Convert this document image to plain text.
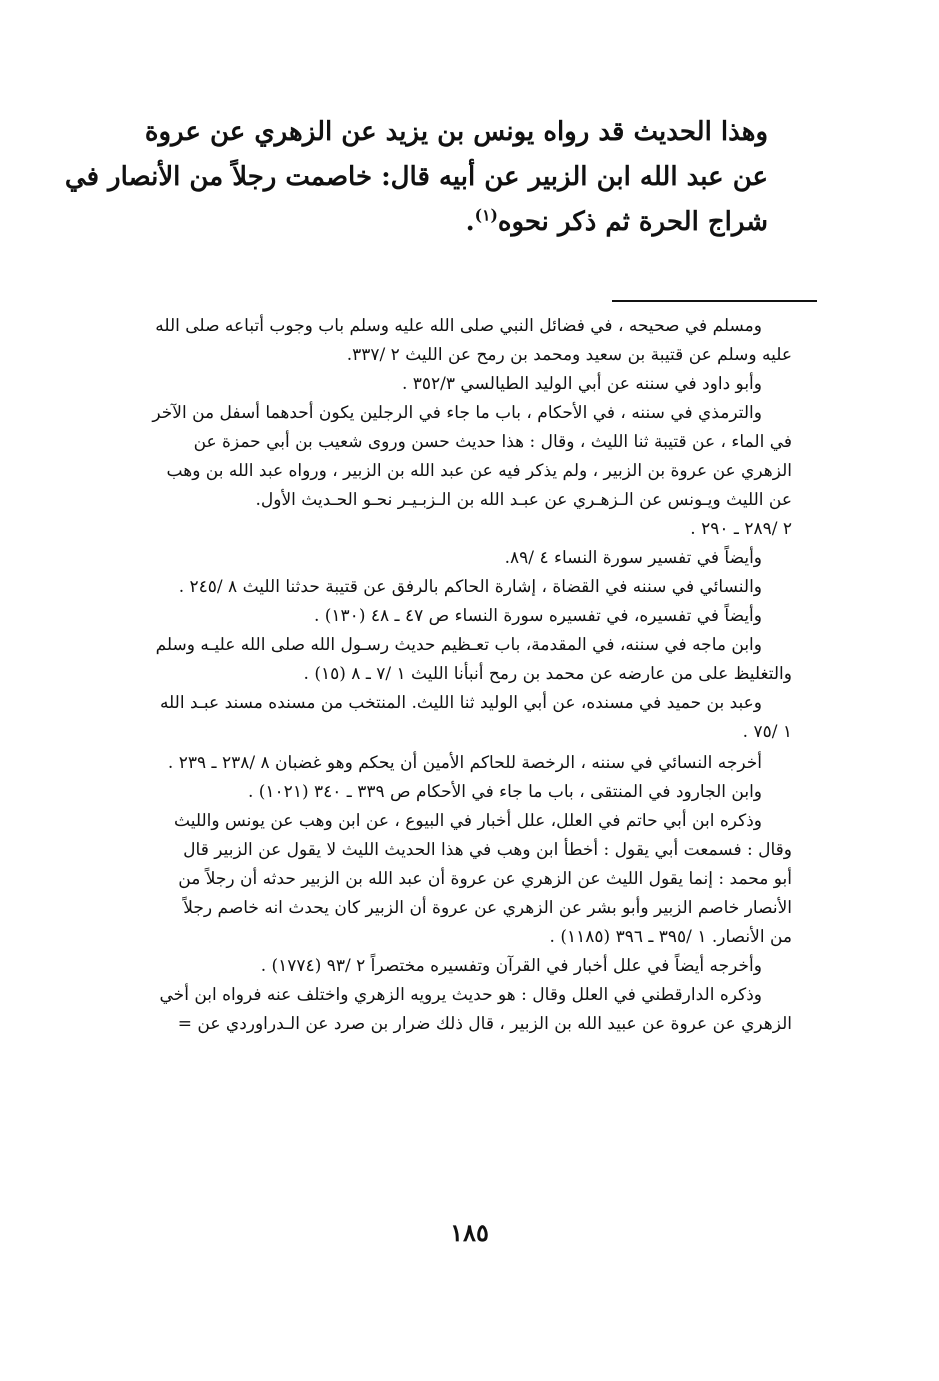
وهذا الحديث قد رواه يونس بن يزيد عن الزهري عن عروة
عن عبد الله ابن الزبير عن أبيه قال: خاصمت رجلاً من الأنصار في
شراج الحرة ثم ذكر نحوه$^{(١)}$.
ومسلم في صحيحه ، في فضائل النبي صلى الله عليه وسلم باب وجوب أتباعه صلى الله
عليه وسلم عن قتيبة بن سعيد ومحمد بن رمح عن الليث ٢ /٣٣٧.
وأبو داود في سننه عن أبي الوليد الطيالسي ٣٥٢/٣ .
والترمذي في سننه ، في الأحكام ، باب ما جاء في الرجلين يكون أحدهما أسفل من الآخر
في الماء ، عن قتيبة ثنا الليث ، وقال : هذا حديث حسن وروى شعيب بن أبي حمزة عن
الزهري عن عروة بن الزبير ، ولم يذكر فيه عن عبد الله بن الزبير ، ورواه عبد الله بن وهب
عن الليث ويـونس عن الـزهـري عن عبـد الله بن الـزبـيـر نحـو الحـديث الأول.
٢ /٢٨٩ ـ ٢٩٠ .
وأيضاً في تفسير سورة النساء ٤ /٨٩.
والنسائي في سننه في القضاة ، إشارة الحاكم بالرفق عن قتيبة حدثنا الليث ٨ /٢٤٥ .
وأيضاً في تفسيره، في تفسيره سورة النساء ص ٤٧ ـ ٤٨ (١٣٠) .
وابن ماجه في سننه، في المقدمة، باب تعـظيم حديث رسـول الله صلى الله عليـه وسلم
والتغليظ على من عارضه عن محمد بن رمح أنبأنا الليث ١ /٧ ـ ٨ (١٥) .
وعبد بن حميد في مسنده، عن أبي الوليد ثنا الليث. المنتخب من مسنده مسند عبـد الله
١ /٧٥ .
أخرجه النسائي في سننه ، الرخصة للحاكم الأمين أن يحكم وهو غضبان ٨ /٢٣٨ ـ ٢٣٩ .
وابن الجارود في المنتقى ، باب ما جاء في الأحكام ص ٣٣٩ ـ ٣٤٠ (١٠٢١) .
وذكره ابن أبي حاتم في العلل، علل أخبار في البيوع ، عن ابن وهب عن يونس والليث
وقال : فسمعت أبي يقول : أخطأ ابن وهب في هذا الحديث الليث لا يقول عن الزبير قال
أبو محمد : إنما يقول الليث عن الزهري عن عروة أن عبد الله بن الزبير حدثه أن رجلاً من
الأنصار خاصم الزبير وأبو بشر عن الزهري عن عروة أن الزبير كان يحدث انه خاصم رجلاً
من الأنصار. ١ /٣٩٥ ـ ٣٩٦ (١١٨٥) .
وأخرجه أيضاً في علل أخبار في القرآن وتفسيره مختصراً ٢ /٩٣ (١٧٧٤) .
وذكره الدارقطني في العلل وقال : هو حديث يرويه الزهري واختلف عنه فرواه ابن أخي
الزهري عن عروة عن عبيد الله بن الزبير ، قال ذلك ضرار بن صرد عن الـدراوردي عن =
١٨٥
